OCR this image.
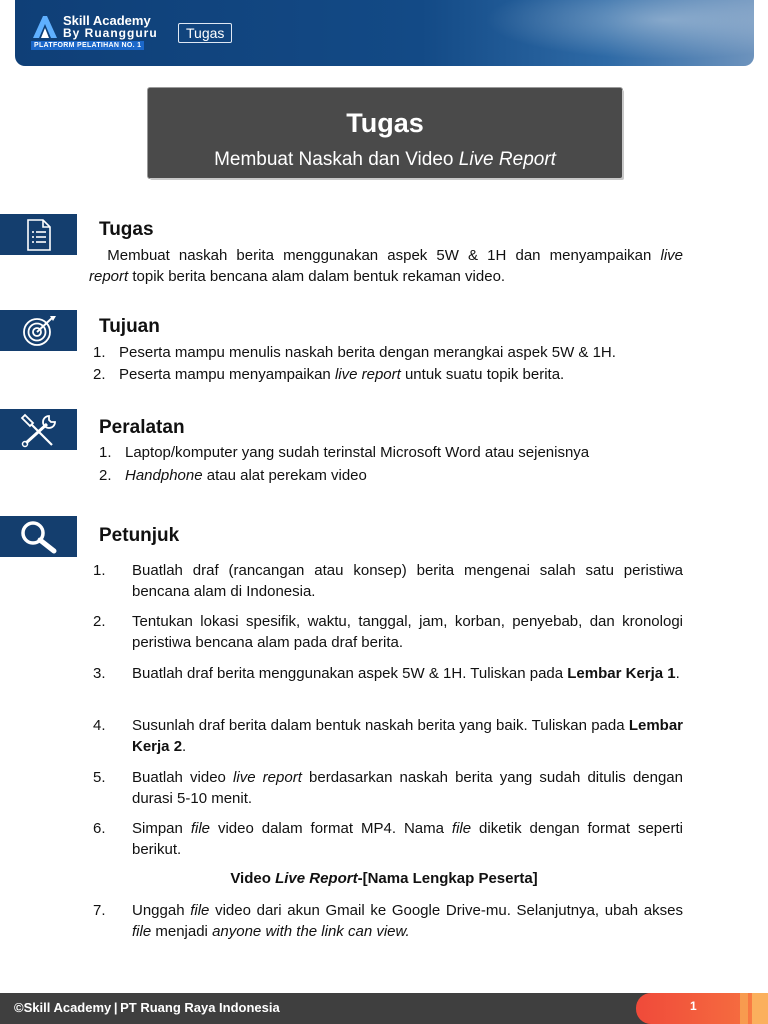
Skill Academy
By Ruangguru
PLATFORM PELATIHAN NO. 1
Tugas
Tugas
Membuat Naskah dan Video Live Report
Tugas
Membuat naskah berita menggunakan aspek 5W & 1H dan menyampaikan live
report topik berita bencana alam dalam bentuk rekaman video.
Tujuan
1. Peserta mampu menulis naskah berita dengan merangkai aspek 5W & 1H.
2. Peserta mampu menyampaikan live report untuk suatu topik berita.
Peralatan
1. Laptop/komputer yang sudah terinstal Microsoft Word atau sejenisnya
2. Handphone atau alat perekam video
Petunjuk
1. Buatlah draf (rancangan atau konsep) berita mengenai salah satu peristiwa bencana alam di Indonesia.
2. Tentukan lokasi spesifik, waktu, tanggal, jam, korban, penyebab, dan kronologi peristiwa bencana alam pada draf berita.
3. Buatlah draf berita menggunakan aspek 5W & 1H. Tuliskan pada Lembar Kerja 1.
4. Susunlah draf berita dalam bentuk naskah berita yang baik. Tuliskan pada Lembar Kerja 2.
5. Buatlah video live report berdasarkan naskah berita yang sudah ditulis dengan durasi 5-10 menit.
6. Simpan file video dalam format MP4. Nama file diketik dengan format seperti berikut.
Video Live Report-[Nama Lengkap Peserta]
7. Unggah file video dari akun Gmail ke Google Drive-mu. Selanjutnya, ubah akses file menjadi anyone with the link can view.
©Skill Academy | PT Ruang Raya Indonesia	1
